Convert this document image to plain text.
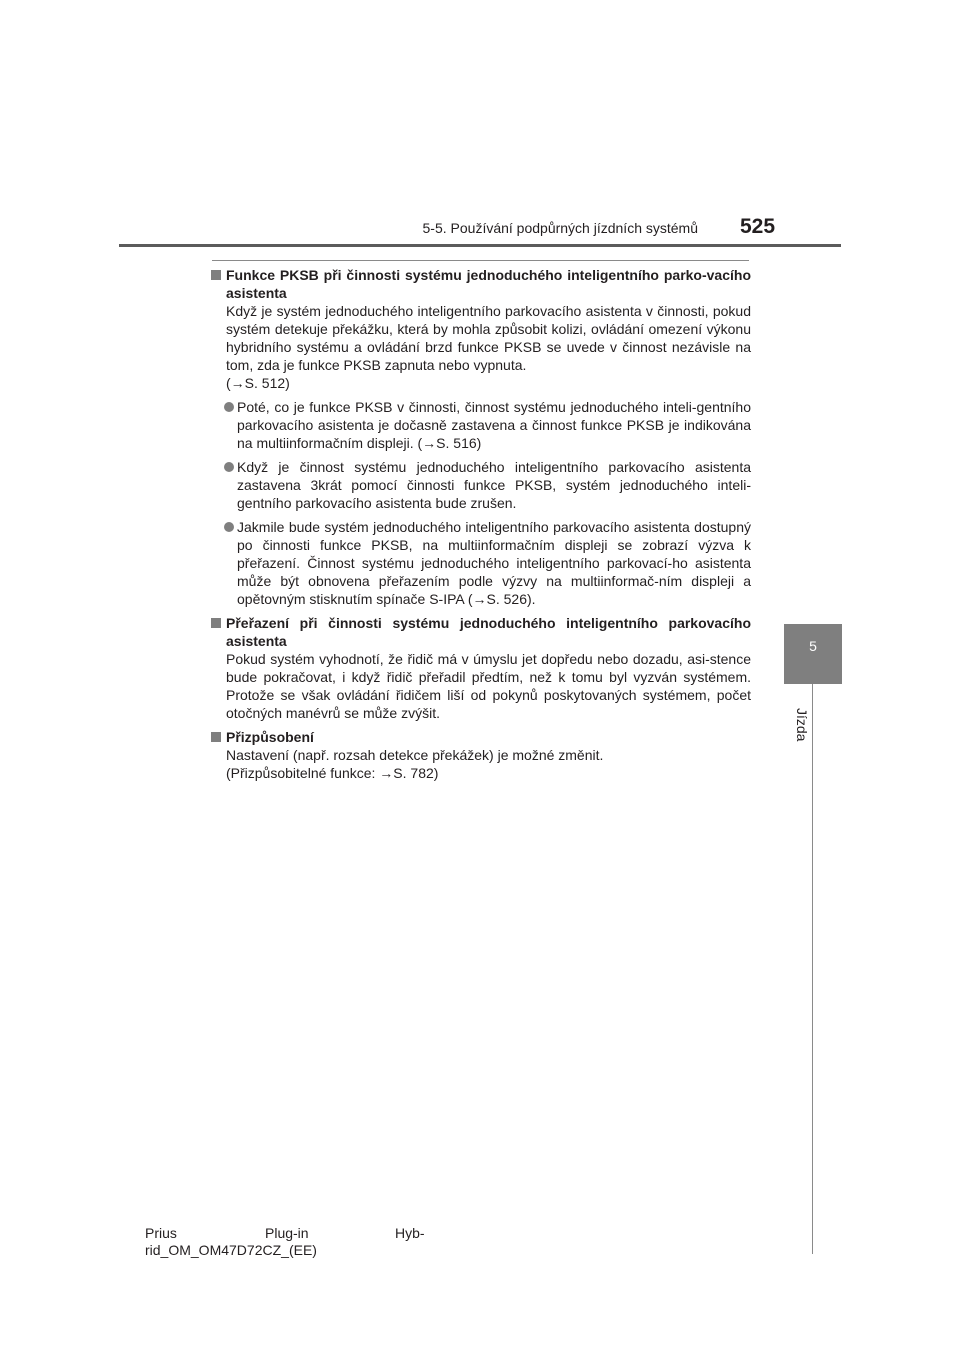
5-5. Používání podpůrných jízdních systémů 525
5
Jízda
Funkce PKSB při činnosti systému jednoduchého inteligentního parko-vacího asistenta
Když je systém jednoduchého inteligentního parkovacího asistenta v činnosti, pokud systém detekuje překážku, která by mohla způsobit kolizi, ovládání omezení výkonu hybridního systému a ovládání brzd funkce PKSB se uvede v činnost nezávisle na tom, zda je funkce PKSB zapnuta nebo vypnuta.
(→S. 512)
Poté, co je funkce PKSB v činnosti, činnost systému jednoduchého inteli-gentního parkovacího asistenta je dočasně zastavena a činnost funkce PKSB je indikována na multiinformačním displeji. (→S. 516)
Když je činnost systému jednoduchého inteligentního parkovacího asistenta zastavena 3krát pomocí činnosti funkce PKSB, systém jednoduchého inteli-gentního parkovacího asistenta bude zrušen.
Jakmile bude systém jednoduchého inteligentního parkovacího asistenta dostupný po činnosti funkce PKSB, na multiinformačním displeji se zobrazí výzva k přeřazení. Činnost systému jednoduchého inteligentního parkovací-ho asistenta může být obnovena přeřazením podle výzvy na multiinformač-ním displeji a opětovným stisknutím spínače S-IPA (→S. 526).
Přeřazení při činnosti systému jednoduchého inteligentního parkovacího asistenta
Pokud systém vyhodnotí, že řidič má v úmyslu jet dopředu nebo dozadu, asi-stence bude pokračovat, i když řidič přeřadil předtím, než k tomu byl vyzván systémem. Protože se však ovládání řidičem liší od pokynů poskytovaných systémem, počet otočných manévrů se může zvýšit.
Přizpůsobení
Nastavení (např. rozsah detekce překážek) je možné změnit.
(Přizpůsobitelné funkce: →S. 782)
Prius	Plug-in	Hyb-
rid_OM_OM47D72CZ_(EE)
